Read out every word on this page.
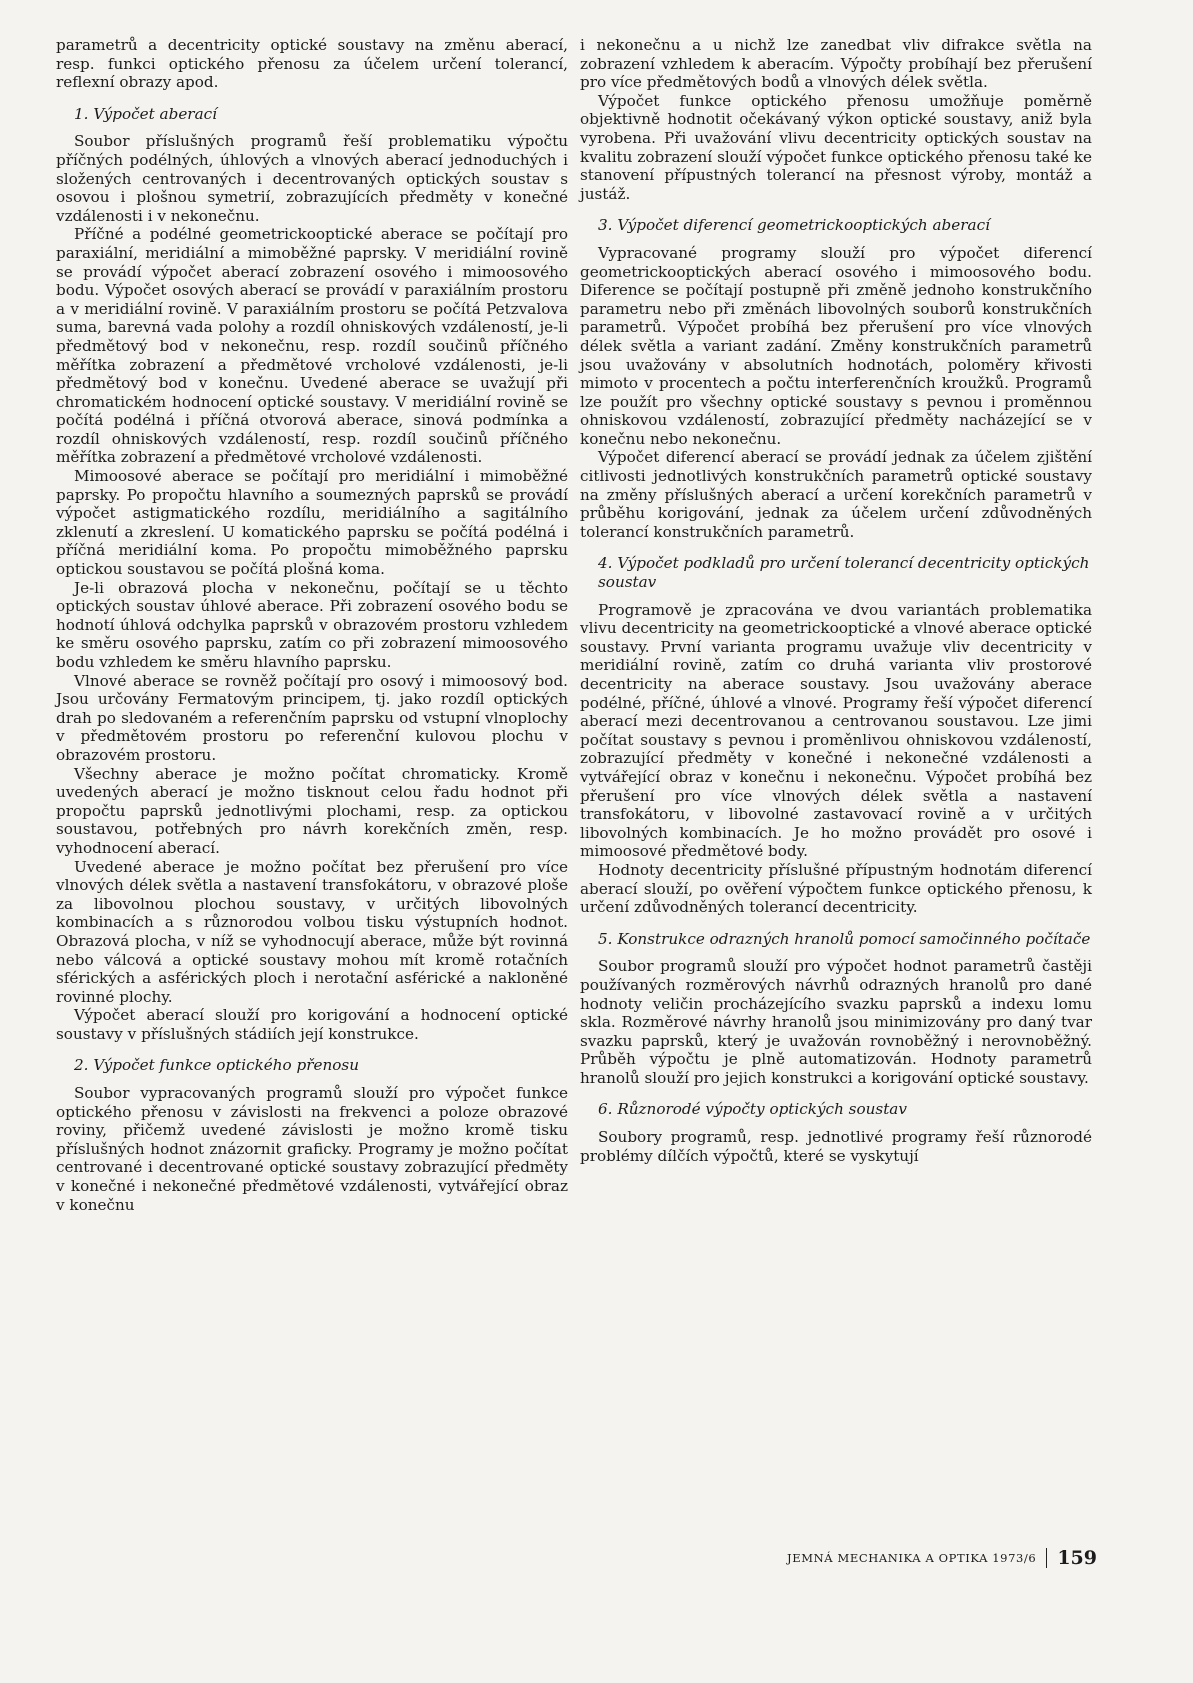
parametrů a decentricity optické soustavy na změnu aberací, resp. funkci optického přenosu za účelem určení tolerancí, reflexní obrazy apod.

1. Výpočet aberací

Soubor příslušných programů řeší problematiku výpočtu příčných podélných, úhlových a vlnových aberací jednoduchých i složených centrovaných i decentrovaných optických soustav s osovou i plošnou symetrií, zobrazujících předměty v konečné vzdálenosti i v nekonečnu.

Příčné a podélné geometrickooptické aberace se počítají pro paraxiální, meridiální a mimoběžné paprsky. V meridiální rovině se provádí výpočet aberací zobrazení osového i mimoosového bodu. Výpočet osových aberací se provádí v paraxiálním prostoru a v meridiální rovině. V paraxiálním prostoru se počítá Petzvalova suma, barevná vada polohy a rozdíl ohniskových vzdáleností, je-li předmětový bod v nekonečnu, resp. rozdíl součinů příčného měřítka zobrazení a předmětové vrcholové vzdálenosti, je-li předmětový bod v konečnu. Uvedené aberace se uvažují při chromatickém hodnocení optické soustavy. V meridiální rovině se počítá podélná i příčná otvorová aberace, sinová podmínka a rozdíl ohniskových vzdáleností, resp. rozdíl součinů příčného měřítka zobrazení a předmětové vrcholové vzdálenosti.

Mimoosové aberace se počítají pro meridiální i mimoběžné paprsky. Po propočtu hlavního a soumezných paprsků se provádí výpočet astigmatického rozdílu, meridiálního a sagitálního zklenutí a zkreslení. U komatického paprsku se počítá podélná i příčná meridiální koma. Po propočtu mimoběžného paprsku optickou soustavou se počítá plošná koma.

Je-li obrazová plocha v nekonečnu, počítají se u těchto optických soustav úhlové aberace. Při zobrazení osového bodu se hodnotí úhlová odchylka paprsků v obrazovém prostoru vzhledem ke směru osového paprsku, zatím co při zobrazení mimoosového bodu vzhledem ke směru hlavního paprsku.

Vlnové aberace se rovněž počítají pro osový i mimoosový bod. Jsou určovány Fermatovým principem, tj. jako rozdíl optických drah po sledovaném a referenčním paprsku od vstupní vlnoplochy v předmětovém prostoru po referenční kulovou plochu v obrazovém prostoru.

Všechny aberace je možno počítat chromaticky. Kromě uvedených aberací je možno tisknout celou řadu hodnot při propočtu paprsků jednotlivými plochami, resp. za optickou soustavou, potřebných pro návrh korekčních změn, resp. vyhodnocení aberací.

Uvedené aberace je možno počítat bez přerušení pro více vlnových délek světla a nastavení transfokátoru, v obrazové ploše za libovolnou plochou soustavy, v určitých libovolných kombinacích a s různorodou volbou tisku výstupních hodnot. Obrazová plocha, v níž se vyhodnocují aberace, může být rovinná nebo válcová a optické soustavy mohou mít kromě rotačních sférických a asférických ploch i nerotační asférické a nakloněné rovinné plochy.

Výpočet aberací slouží pro korigování a hodnocení optické soustavy v příslušných stádiích její konstrukce.

2. Výpočet funkce optického přenosu

Soubor vypracovaných programů slouží pro výpočet funkce optického přenosu v závislosti na frekvenci a poloze obrazové roviny, přičemž uvedené závislosti je možno kromě tisku příslušných hodnot znázornit graficky. Programy je možno počítat centrované i decentrované optické soustavy zobrazující předměty v konečné i nekonečné předmětové vzdálenosti, vytvářející obraz v konečnu

i nekonečnu a u nichž lze zanedbat vliv difrakce světla na zobrazení vzhledem k aberacím. Výpočty probíhají bez přerušení pro více předmětových bodů a vlnových délek světla.

Výpočet funkce optického přenosu umožňuje poměrně objektivně hodnotit očekávaný výkon optické soustavy, aniž byla vyrobena. Při uvažování vlivu decentricity optických soustav na kvalitu zobrazení slouží výpočet funkce optického přenosu také ke stanovení přípustných tolerancí na přesnost výroby, montáž a justáž.

3. Výpočet diferencí geometrickooptických aberací

Vypracované programy slouží pro výpočet diferencí geometrickooptických aberací osového i mimoosového bodu. Diference se počítají postupně při změně jednoho konstrukčního parametru nebo při změnách libovolných souborů konstrukčních parametrů. Výpočet probíhá bez přerušení pro více vlnových délek světla a variant zadání. Změny konstrukčních parametrů jsou uvažovány v absolutních hodnotách, poloměry křivosti mimoto v procentech a počtu interferenčních kroužků. Programů lze použít pro všechny optické soustavy s pevnou i proměnnou ohniskovou vzdáleností, zobrazující předměty nacházející se v konečnu nebo nekonečnu.

Výpočet diferencí aberací se provádí jednak za účelem zjištění citlivosti jednotlivých konstrukčních parametrů optické soustavy na změny příslušných aberací a určení korekčních parametrů v průběhu korigování, jednak za účelem určení zdůvodněných tolerancí konstrukčních parametrů.

4. Výpočet podkladů pro určení tolerancí decentricity optických soustav

Programově je zpracována ve dvou variantách problematika vlivu decentricity na geometrickooptické a vlnové aberace optické soustavy. První varianta programu uvažuje vliv decentricity v meridiální rovině, zatím co druhá varianta vliv prostorové decentricity na aberace soustavy. Jsou uvažovány aberace podélné, příčné, úhlové a vlnové. Programy řeší výpočet diferencí aberací mezi decentrovanou a centrovanou soustavou. Lze jimi počítat soustavy s pevnou i proměnlivou ohniskovou vzdáleností, zobrazující předměty v konečné i nekonečné vzdálenosti a vytvářející obraz v konečnu i nekonečnu. Výpočet probíhá bez přerušení pro více vlnových délek světla a nastavení transfokátoru, v libovolné zastavovací rovině a v určitých libovolných kombinacích. Je ho možno provádět pro osové i mimoosové předmětové body.

Hodnoty decentricity příslušné přípustným hodnotám diferencí aberací slouží, po ověření výpočtem funkce optického přenosu, k určení zdůvodněných tolerancí decentricity.

5. Konstrukce odrazných hranolů pomocí samočinného počítače

Soubor programů slouží pro výpočet hodnot parametrů častěji používaných rozměrových návrhů odrazných hranolů pro dané hodnoty veličin procházejícího svazku paprsků a indexu lomu skla. Rozměrové návrhy hranolů jsou minimizovány pro daný tvar svazku paprsků, který je uvažován rovnoběžný i nerovnoběžný. Průběh výpočtu je plně automatizován. Hodnoty parametrů hranolů slouží pro jejich konstrukci a korigování optické soustavy.

6. Různorodé výpočty optických soustav

Soubory programů, resp. jednotlivé programy řeší různorodé problémy dílčích výpočtů, které se vyskytují

JEMNÁ MECHANIKA A OPTIKA 1973/6 159
